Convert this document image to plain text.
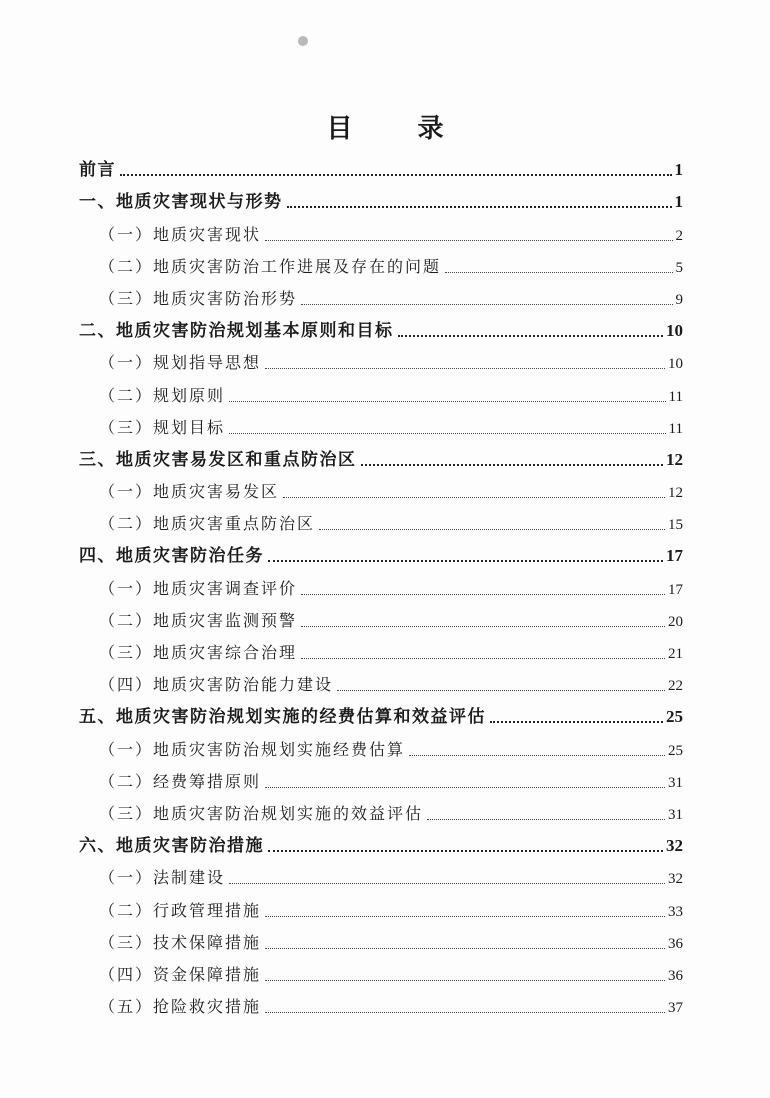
目 录
前言	1
一、地质灾害现状与形势	1
（一）地质灾害现状	2
（二）地质灾害防治工作进展及存在的问题	5
（三）地质灾害防治形势	9
二、地质灾害防治规划基本原则和目标	10
（一）规划指导思想	10
（二）规划原则	11
（三）规划目标	11
三、地质灾害易发区和重点防治区	12
（一）地质灾害易发区	12
（二）地质灾害重点防治区	15
四、地质灾害防治任务	17
（一）地质灾害调查评价	17
（二）地质灾害监测预警	20
（三）地质灾害综合治理	21
（四）地质灾害防治能力建设	22
五、地质灾害防治规划实施的经费估算和效益评估	25
（一）地质灾害防治规划实施经费估算	25
（二）经费筹措原则	31
（三）地质灾害防治规划实施的效益评估	31
六、地质灾害防治措施	32
（一）法制建设	32
（二）行政管理措施	33
（三）技术保障措施	36
（四）资金保障措施	36
（五）抢险救灾措施	37
